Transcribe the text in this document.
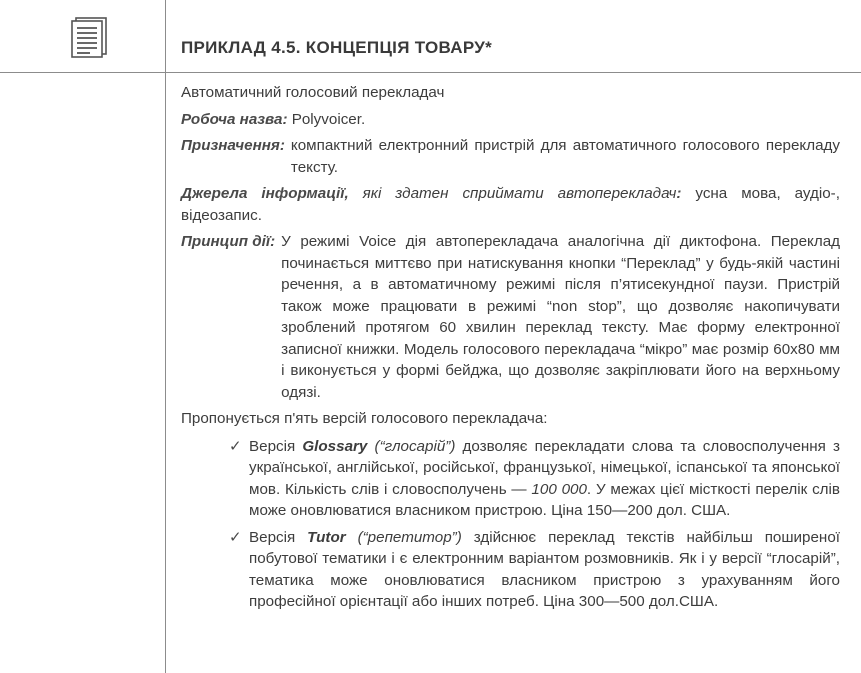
ПРИКЛАД 4.5. КОНЦЕПЦІЯ ТОВАРУ*

Автоматичний голосовий перекладач

Робоча назва: Polyvoicer.

Призначення: компактний електронний пристрій для автоматичного голосового перекладу тексту.
Джерела інформації, які здатен сприймати автоперекладач: усна мова, аудіо-, відеозапис.
Принцип дії: У режимі Voice дія автоперекладача аналогічна дії диктофона. Переклад починається миттєво при натискування кнопки “Переклад” у будь-якій частині речення, а в автоматичному режимі після п’ятисекундної паузи. Пристрій також може працювати в режимі “non stop”, що дозволяє накопичувати зроблений протягом 60 хвилин переклад тексту. Має форму електронної записної книжки. Модель голосового перекладача “мікро” має розмір 60х80 мм і виконується у формі бейджа, що дозволяє закріплювати його на верхньому одязі.

Пропонується п'ять версій голосового перекладача:

✓ Версія Glossary (“глосарій”) дозволяє перекладати слова та словосполучення з української, англійської, російської, французької, німецької, іспанської та японської мов. Кількість слів і словосполучень — 100 000. У межах цієї місткості перелік слів може оновлюватися власником пристрою. Ціна 150—200 дол. США.
✓ Версія Tutor (“репетитор”) здійснює переклад текстів найбільш поширеної побутової тематики і є електронним варіантом розмовників. Як і у версії “глосарій”, тематика може оновлюватися власником пристрою з урахуванням його професійної орієнтації або інших потреб. Ціна 300—500 дол.США.
